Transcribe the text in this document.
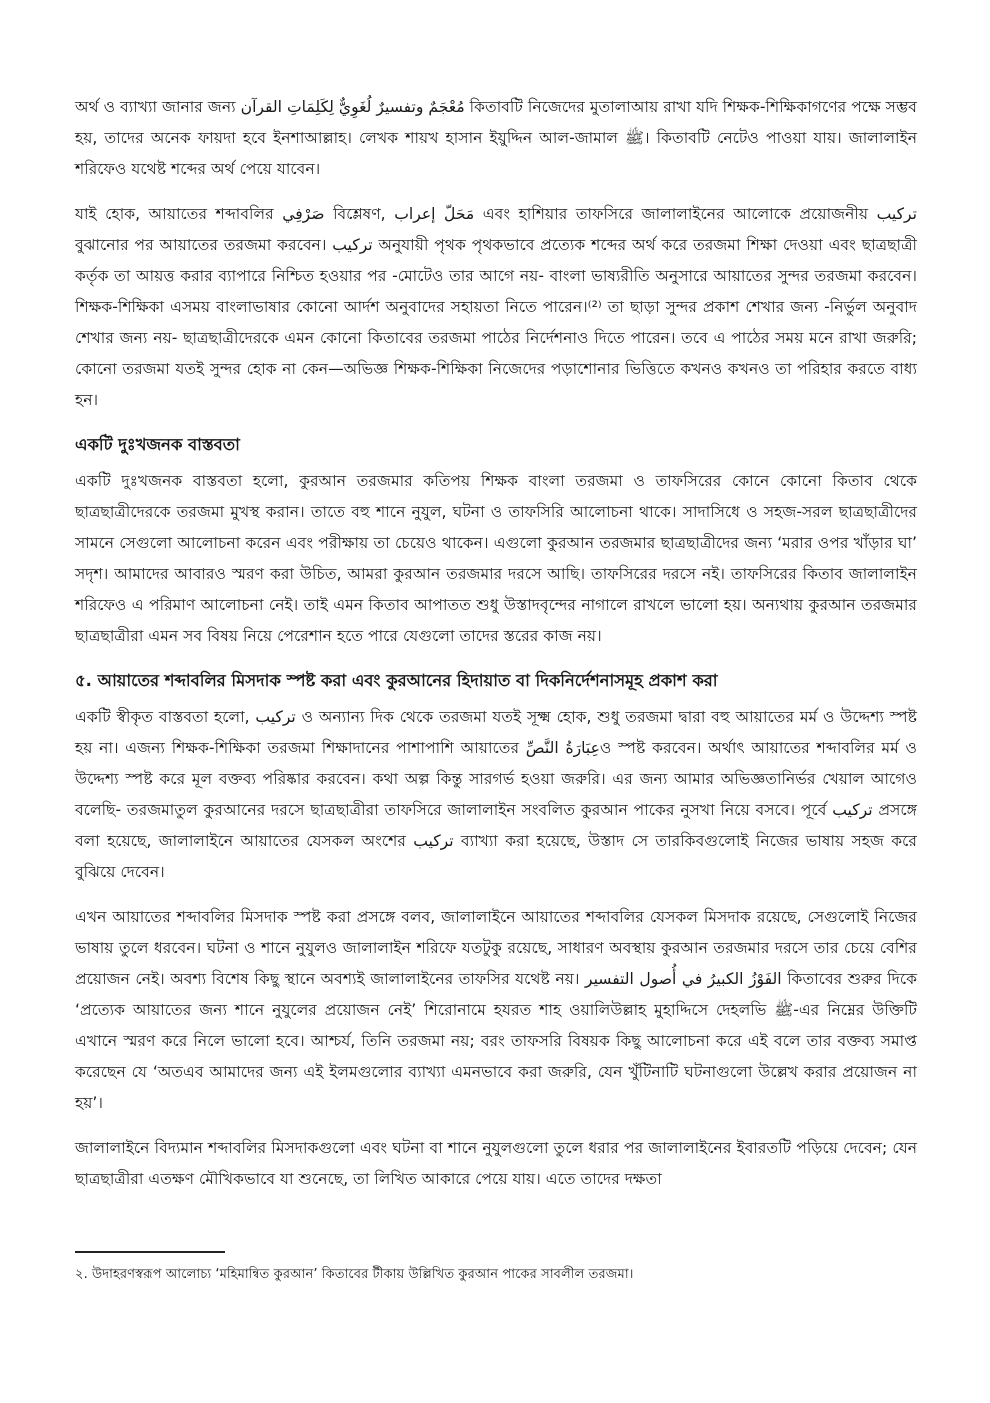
অর্থ ও ব্যাখ্যা জানার জন্য مُعْجَمٌ وتفسيرٌ لُغَوِيٌّ لِكَلِمَاتِ القرآن কিতাবটি নিজেদের মুতালাআয় রাখা যদি শিক্ষক-শিক্ষিকাগণের পক্ষে সম্ভব হয়, তাদের অনেক ফায়দা হবে ইনশাআল্লাহ। লেখক শায়খ হাসান ইয়ুদ্দিন আল-জামাল ﷺ। কিতাবটি নেটেও পাওয়া যায়। জালালাইন শরিফেও যথেষ্ট শব্দের অর্থ পেয়ে যাবেন।

যাই হোক, আয়াতের শব্দাবলির صَرْفِي বিশ্লেষণ, مَحَلّ إعراب এবং হাশিয়ার তাফসিরে জালালাইনের আলোকে প্রয়োজনীয় تركيب বুঝানোর পর আয়াতের তরজমা করবেন। تركيب অনুযায়ী পৃথক পৃথকভাবে প্রত্যেক শব্দের অর্থ করে তরজমা শিক্ষা দেওয়া এবং ছাত্রছাত্রী কর্তৃক তা আয়ত্ত করার ব্যাপারে নিশ্চিত হওয়ার পর -মোটেও তার আগে নয়- বাংলা ভাষ্যরীতি অনুসারে আয়াতের সুন্দর তরজমা করবেন। শিক্ষক-শিক্ষিকা এসময় বাংলাভাষার কোনো আর্দশ অনুবাদের সহায়তা নিতে পারেন।⁽²⁾ তা ছাড়া সুন্দর প্রকাশ শেখার জন্য -নির্ভুল অনুবাদ শেখার জন্য নয়- ছাত্রছাত্রীদেরকে এমন কোনো কিতাবের তরজমা পাঠের নির্দেশনাও দিতে পারেন। তবে এ পাঠের সময় মনে রাখা জরুরি; কোনো তরজমা যতই সুন্দর হোক না কেন—অভিজ্ঞ শিক্ষক-শিক্ষিকা নিজেদের পড়াশোনার ভিত্তিতে কখনও কখনও তা পরিহার করতে বাধ্য হন।

একটি দুঃখজনক বাস্তবতা

একটি দুঃখজনক বাস্তবতা হলো, কুরআন তরজমার কতিপয় শিক্ষক বাংলা তরজমা ও তাফসিরের কোনে কোনো কিতাব থেকে ছাত্রছাত্রীদেরকে তরজমা মুখস্থ করান। তাতে বহু শানে নুযুল, ঘটনা ও তাফসিরি আলোচনা থাকে। সাদাসিধে ও সহজ-সরল ছাত্রছাত্রীদের সামনে সেগুলো আলোচনা করেন এবং পরীক্ষায় তা চেয়েও থাকেন। এগুলো কুরআন তরজমার ছাত্রছাত্রীদের জন্য ‘মরার ওপর খাঁড়ার ঘা’ সদৃশ। আমাদের আবারও স্মরণ করা উচিত, আমরা কুরআন তরজমার দরসে আছি। তাফসিরের দরসে নই। তাফসিরের কিতাব জালালাইন শরিফেও এ পরিমাণ আলোচনা নেই। তাই এমন কিতাব আপাতত শুধু উস্তাদবৃন্দের নাগালে রাখলে ভালো হয়। অন্যথায় কুরআন তরজমার ছাত্রছাত্রীরা এমন সব বিষয় নিয়ে পেরেশান হতে পারে যেগুলো তাদের স্তরের কাজ নয়।

৫. আয়াতের শব্দাবলির মিসদাক স্পষ্ট করা এবং কুরআনের হিদায়াত বা দিকনির্দেশনাসমূহ প্রকাশ করা

একটি স্বীকৃত বাস্তবতা হলো, تركيب ও অন্যান্য দিক থেকে তরজমা যতই সূক্ষ্ম হোক, শুধু তরজমা দ্বারা বহু আয়াতের মর্ম ও উদ্দেশ্য স্পষ্ট হয় না। এজন্য শিক্ষক-শিক্ষিকা তরজমা শিক্ষাদানের পাশাপাশি আয়াতের عِبَارَةُ النَّصِّও স্পষ্ট করবেন। অর্থাৎ আয়াতের শব্দাবলির মর্ম ও উদ্দেশ্য স্পষ্ট করে মূল বক্তব্য পরিষ্কার করবেন। কথা অল্প কিন্তু সারগর্ভ হওয়া জরুরি। এর জন্য আমার অভিজ্ঞতানির্ভর খেয়াল আগেও বলেছি- তরজমাতুল কুরআনের দরসে ছাত্রছাত্রীরা তাফসিরে জালালাইন সংবলিত কুরআন পাকের নুসখা নিয়ে বসবে। পূর্বে تركيب প্রসঙ্গে বলা হয়েছে, জালালাইনে আয়াতের যেসকল অংশের تركيب ব্যাখ্যা করা হয়েছে, উস্তাদ সে তারকিবগুলোই নিজের ভাষায় সহজ করে বুঝিয়ে দেবেন।

এখন আয়াতের শব্দাবলির মিসদাক স্পষ্ট করা প্রসঙ্গে বলব, জালালাইনে আয়াতের শব্দাবলির যেসকল মিসদাক রয়েছে, সেগুলোই নিজের ভাষায় তুলে ধরবেন। ঘটনা ও শানে নুযুলও জালালাইন শরিফে যতটুকু রয়েছে, সাধারণ অবস্থায় কুরআন তরজমার দরসে তার চেয়ে বেশির প্রয়োজন নেই। অবশ্য বিশেষ কিছু স্থানে অবশ্যই জালালাইনের তাফসির যথেষ্ট নয়। الفَوْزُ الكبيرُ في أُصول التفسير কিতাবের শুরুর দিকে ‘প্রত্যেক আয়াতের জন্য শানে নুযুলের প্রয়োজন নেই’ শিরোনামে হযরত শাহ ওয়ালিউল্লাহ মুহাদ্দিসে দেহলভি ﷺ-এর নিম্নের উক্তিটি এখানে স্মরণ করে নিলে ভালো হবে। আশ্চর্য, তিনি তরজমা নয়; বরং তাফসরি বিষয়ক কিছু আলোচনা করে এই বলে তার বক্তব্য সমাপ্ত করেছেন যে ‘অতএব আমাদের জন্য এই ইলমগুলোর ব্যাখ্যা এমনভাবে করা জরুরি, যেন খুঁটিনাটি ঘটনাগুলো উল্লেখ করার প্রয়োজন না হয়’।

জালালাইনে বিদ্যমান শব্দাবলির মিসদাকগুলো এবং ঘটনা বা শানে নুযুলগুলো তুলে ধরার পর জালালাইনের ইবারতটি পড়িয়ে দেবেন; যেন ছাত্রছাত্রীরা এতক্ষণ মৌখিকভাবে যা শুনেছে, তা লিখিত আকারে পেয়ে যায়। এতে তাদের দক্ষতা

২. উদাহরণস্বরূপ আলোচ্য ‘মহিমান্বিত কুরআন’ কিতাবের টীকায় উল্লিখিত কুরআন পাকের সাবলীল তরজমা।
